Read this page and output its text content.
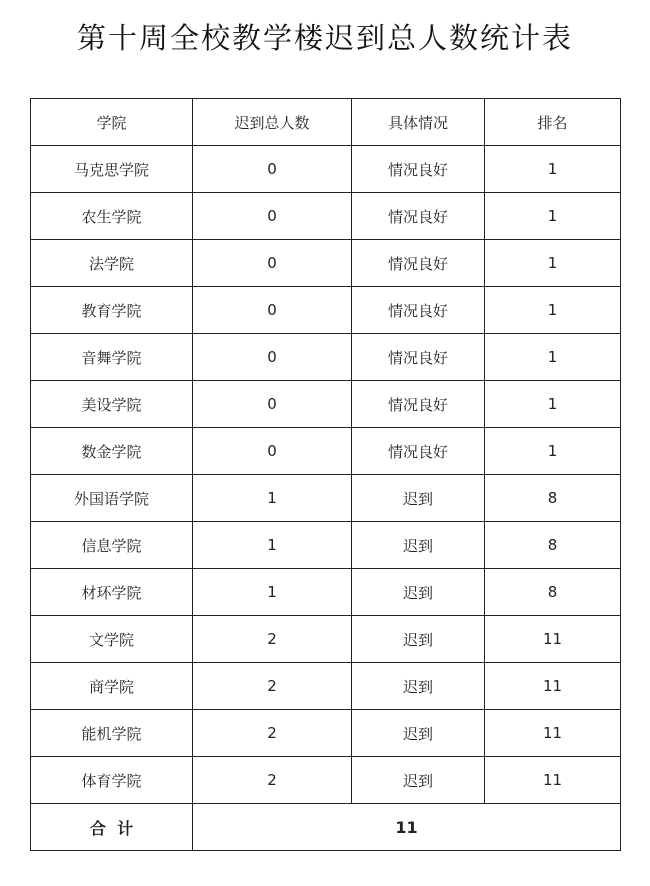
第十周全校教学楼迟到总人数统计表
学院	迟到总人数	具体情况	排名
马克思学院	0	情况良好	1
农生学院	0	情况良好	1
法学院	0	情况良好	1
教育学院	0	情况良好	1
音舞学院	0	情况良好	1
美设学院	0	情况良好	1
数金学院	0	情况良好	1
外国语学院	1	迟到	8
信息学院	1	迟到	8
材环学院	1	迟到	8
文学院	2	迟到	11
商学院	2	迟到	11
能机学院	2	迟到	11
体育学院	2	迟到	11
合  计	11		
